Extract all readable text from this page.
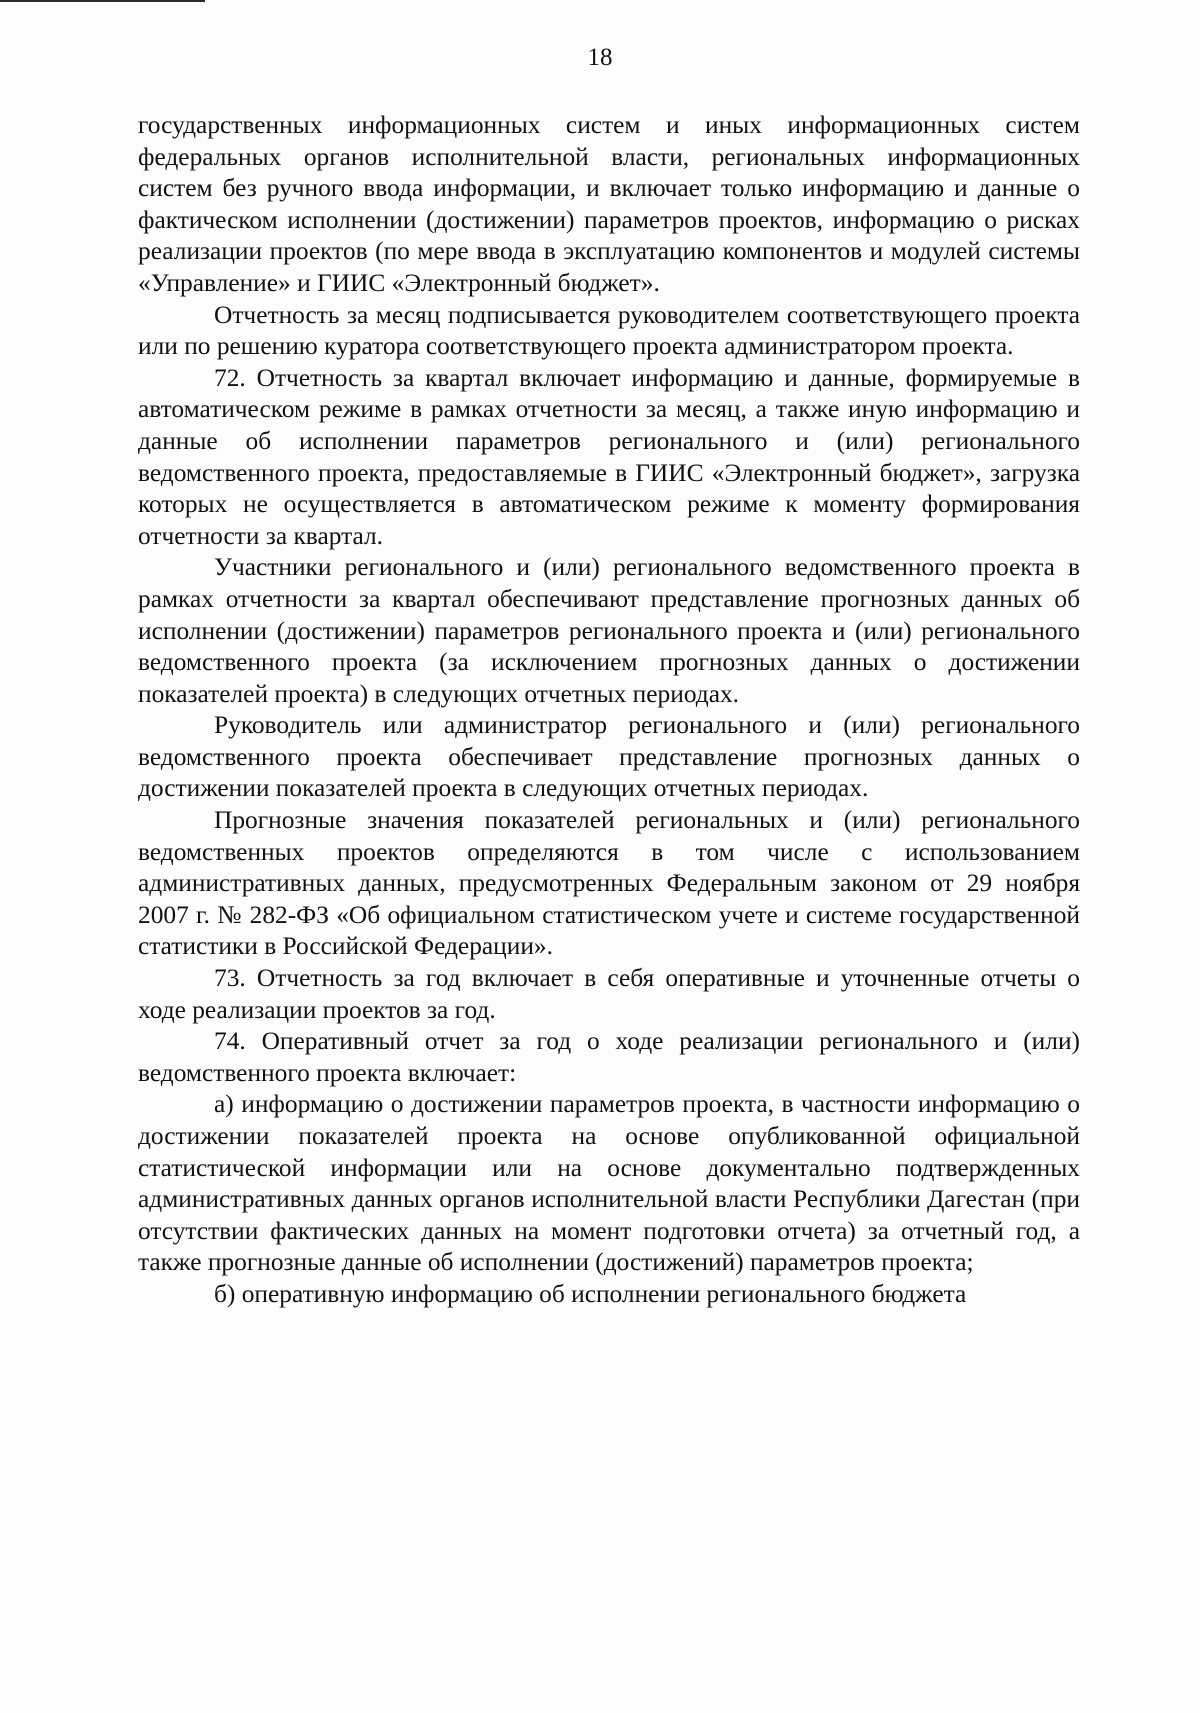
18

государственных информационных систем и иных информационных систем федеральных органов исполнительной власти, региональных информационных систем без ручного ввода информации, и включает только информацию и данные о фактическом исполнении (достижении) параметров проектов, информацию о рисках реализации проектов (по мере ввода в эксплуатацию компонентов и модулей системы «Управление» и ГИИС «Электронный бюджет».

Отчетность за месяц подписывается руководителем соответствующего проекта или по решению куратора соответствующего проекта администратором проекта.

72. Отчетность за квартал включает информацию и данные, формируемые в автоматическом режиме в рамках отчетности за месяц, а также иную информацию и данные об исполнении параметров регионального и (или) регионального ведомственного проекта, предоставляемые в ГИИС «Электронный бюджет», загрузка которых не осуществляется в автоматическом режиме к моменту формирования отчетности за квартал.

Участники регионального и (или) регионального ведомственного проекта в рамках отчетности за квартал обеспечивают представление прогнозных данных об исполнении (достижении) параметров регионального проекта и (или) регионального ведомственного проекта (за исключением прогнозных данных о достижении показателей проекта) в следующих отчетных периодах.

Руководитель или администратор регионального и (или) регионального ведомственного проекта обеспечивает представление прогнозных данных о достижении показателей проекта в следующих отчетных периодах.

Прогнозные значения показателей региональных и (или) регионального ведомственных проектов определяются в том числе с использованием административных данных, предусмотренных Федеральным законом от 29 ноября 2007 г. № 282-ФЗ «Об официальном статистическом учете и системе государственной статистики в Российской Федерации».

73. Отчетность за год включает в себя оперативные и уточненные отчеты о ходе реализации проектов за год.

74. Оперативный отчет за год о ходе реализации регионального и (или) ведомственного проекта включает:

а) информацию о достижении параметров проекта, в частности информацию о достижении показателей проекта на основе опубликованной официальной статистической информации или на основе документально подтвержденных административных данных органов исполнительной власти Республики Дагестан (при отсутствии фактических данных на момент подготовки отчета) за отчетный год, а также прогнозные данные об исполнении (достижений) параметров проекта;

б) оперативную информацию об исполнении регионального бюджета
